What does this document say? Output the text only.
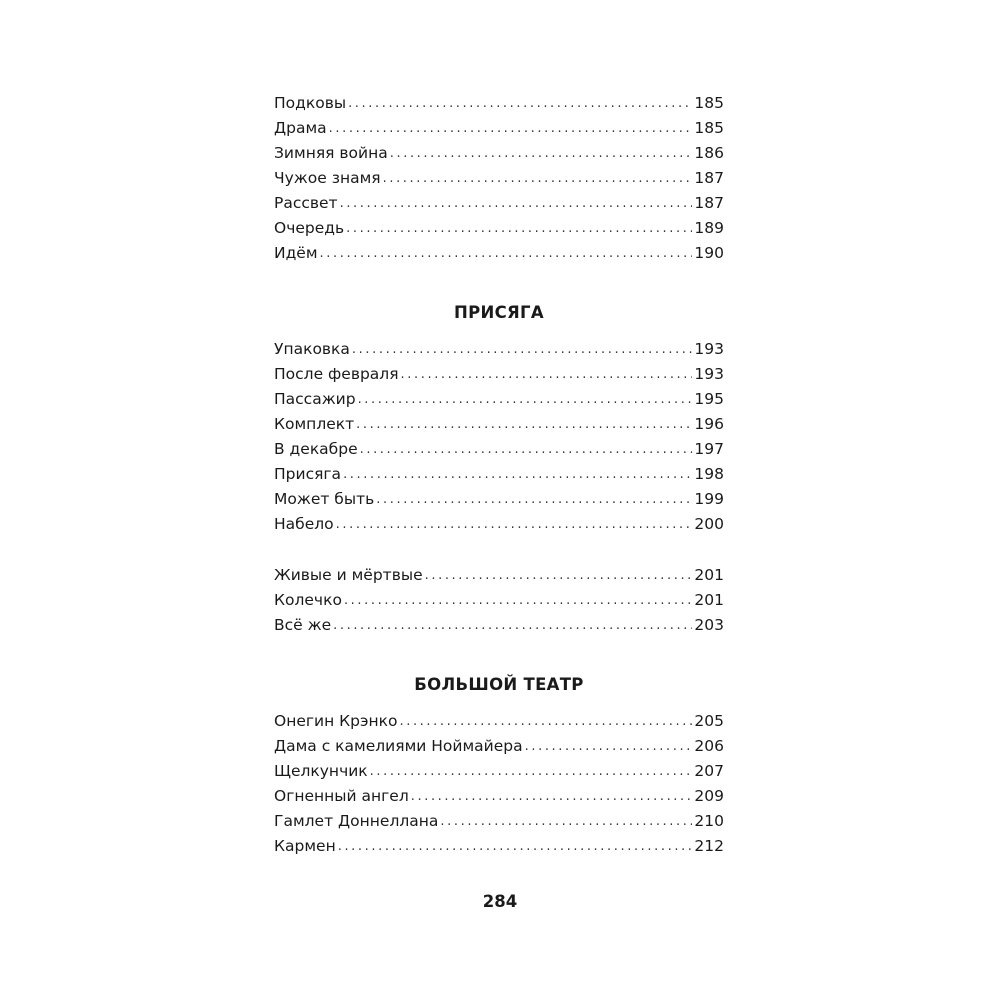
Подковы .....	185
Драма .....	185
Зимняя война .....	186
Чужое знамя .....	187
Рассвет .....	187
Очередь .....	189
Идём .....	190
ПРИСЯГА
Упаковка .....	193
После февраля .....	193
Пассажир .....	195
Комплект .....	196
В декабре .....	197
Присяга .....	198
Может быть .....	199
Набело .....	200
Живые и мёртвые .....	201
Колечко .....	201
Всё же .....	203
БОЛЬШОЙ ТЕАТР
Онегин Крэнко .....	205
Дама с камелиями Ноймайера .....	206
Щелкунчик .....	207
Огненный ангел .....	209
Гамлет Доннеллана .....	210
Кармен .....	212
284
